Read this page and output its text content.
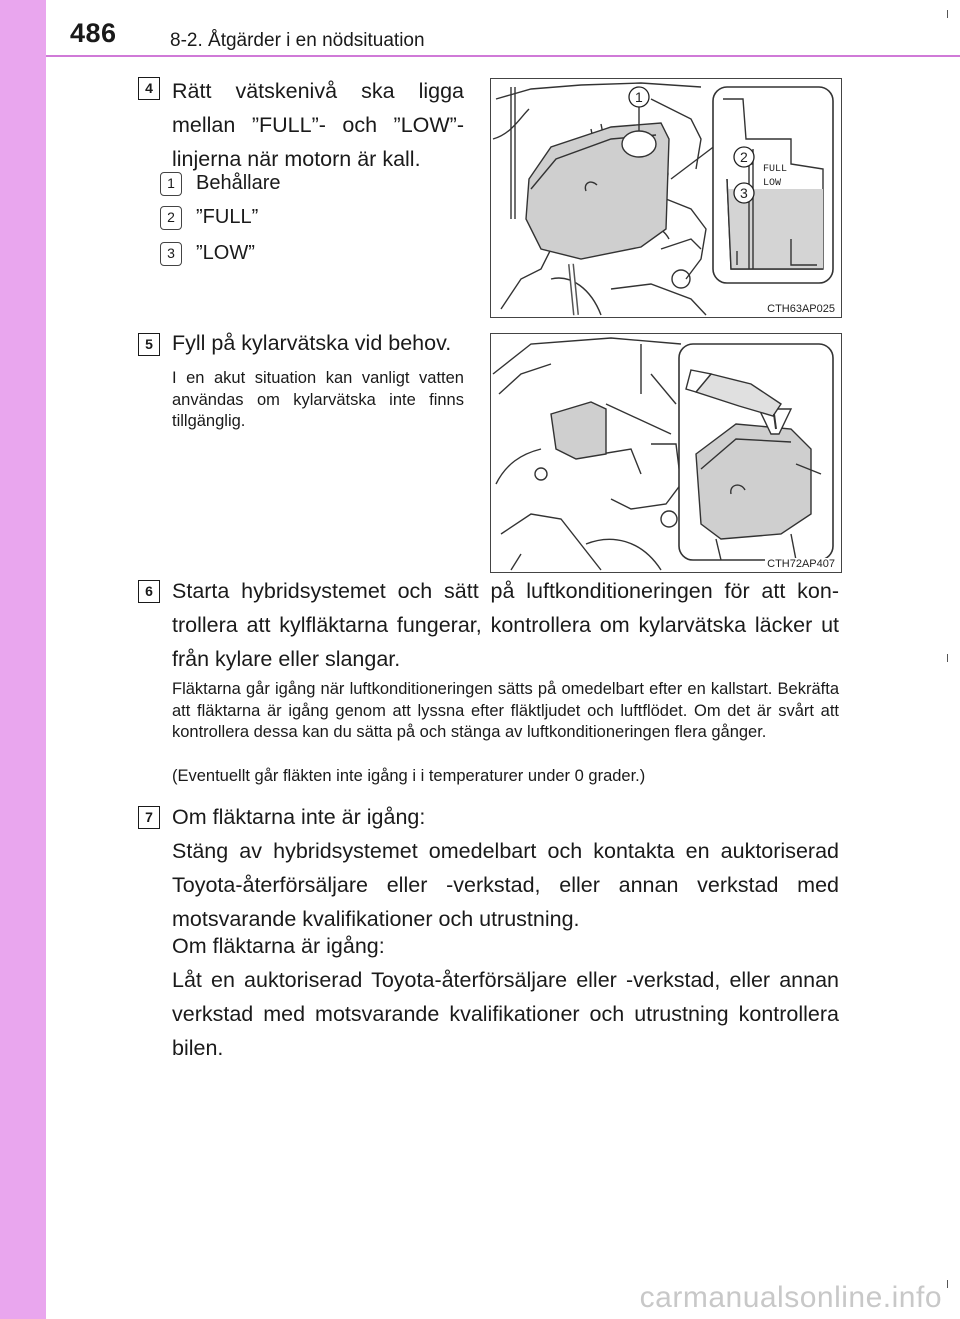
486	8-2. Åtgärder i en nödsituation
4 Rätt vätskenivå ska ligga mellan ”FULL”- och ”LOW”-linjerna när motorn är kall.
1	Behållare
2	”FULL”
3	”LOW”
1
2
3
FULL
LOW
CTH63AP025
5 Fyll på kylarvätska vid behov.
I en akut situation kan vanligt vatten användas om kylarvätska inte finns tillgänglig.
CTH72AP407
6 Starta hybridsystemet och sätt på luftkonditioneringen för att kontrollera att kylfläktarna fungerar, kontrollera om kylarvätska läcker ut från kylare eller slangar.
Fläktarna går igång när luftkonditioneringen sätts på omedelbart efter en kallstart. Bekräfta att fläktarna är igång genom att lyssna efter fläktljudet och luftflödet. Om det är svårt att kontrollera dessa kan du sätta på och stänga av luftkonditioneringen flera gånger.
(Eventuellt går fläkten inte igång i i temperaturer under 0 grader.)
7 Om fläktarna inte är igång:
Stäng av hybridsystemet omedelbart och kontakta en auktoriserad Toyota-återförsäljare eller -verkstad, eller annan verkstad med motsvarande kvalifikationer och utrustning.
Om fläktarna är igång:
Låt en auktoriserad Toyota-återförsäljare eller -verkstad, eller annan verkstad med motsvarande kvalifikationer och utrustning kontrollera bilen.
carmanualsonline.info
